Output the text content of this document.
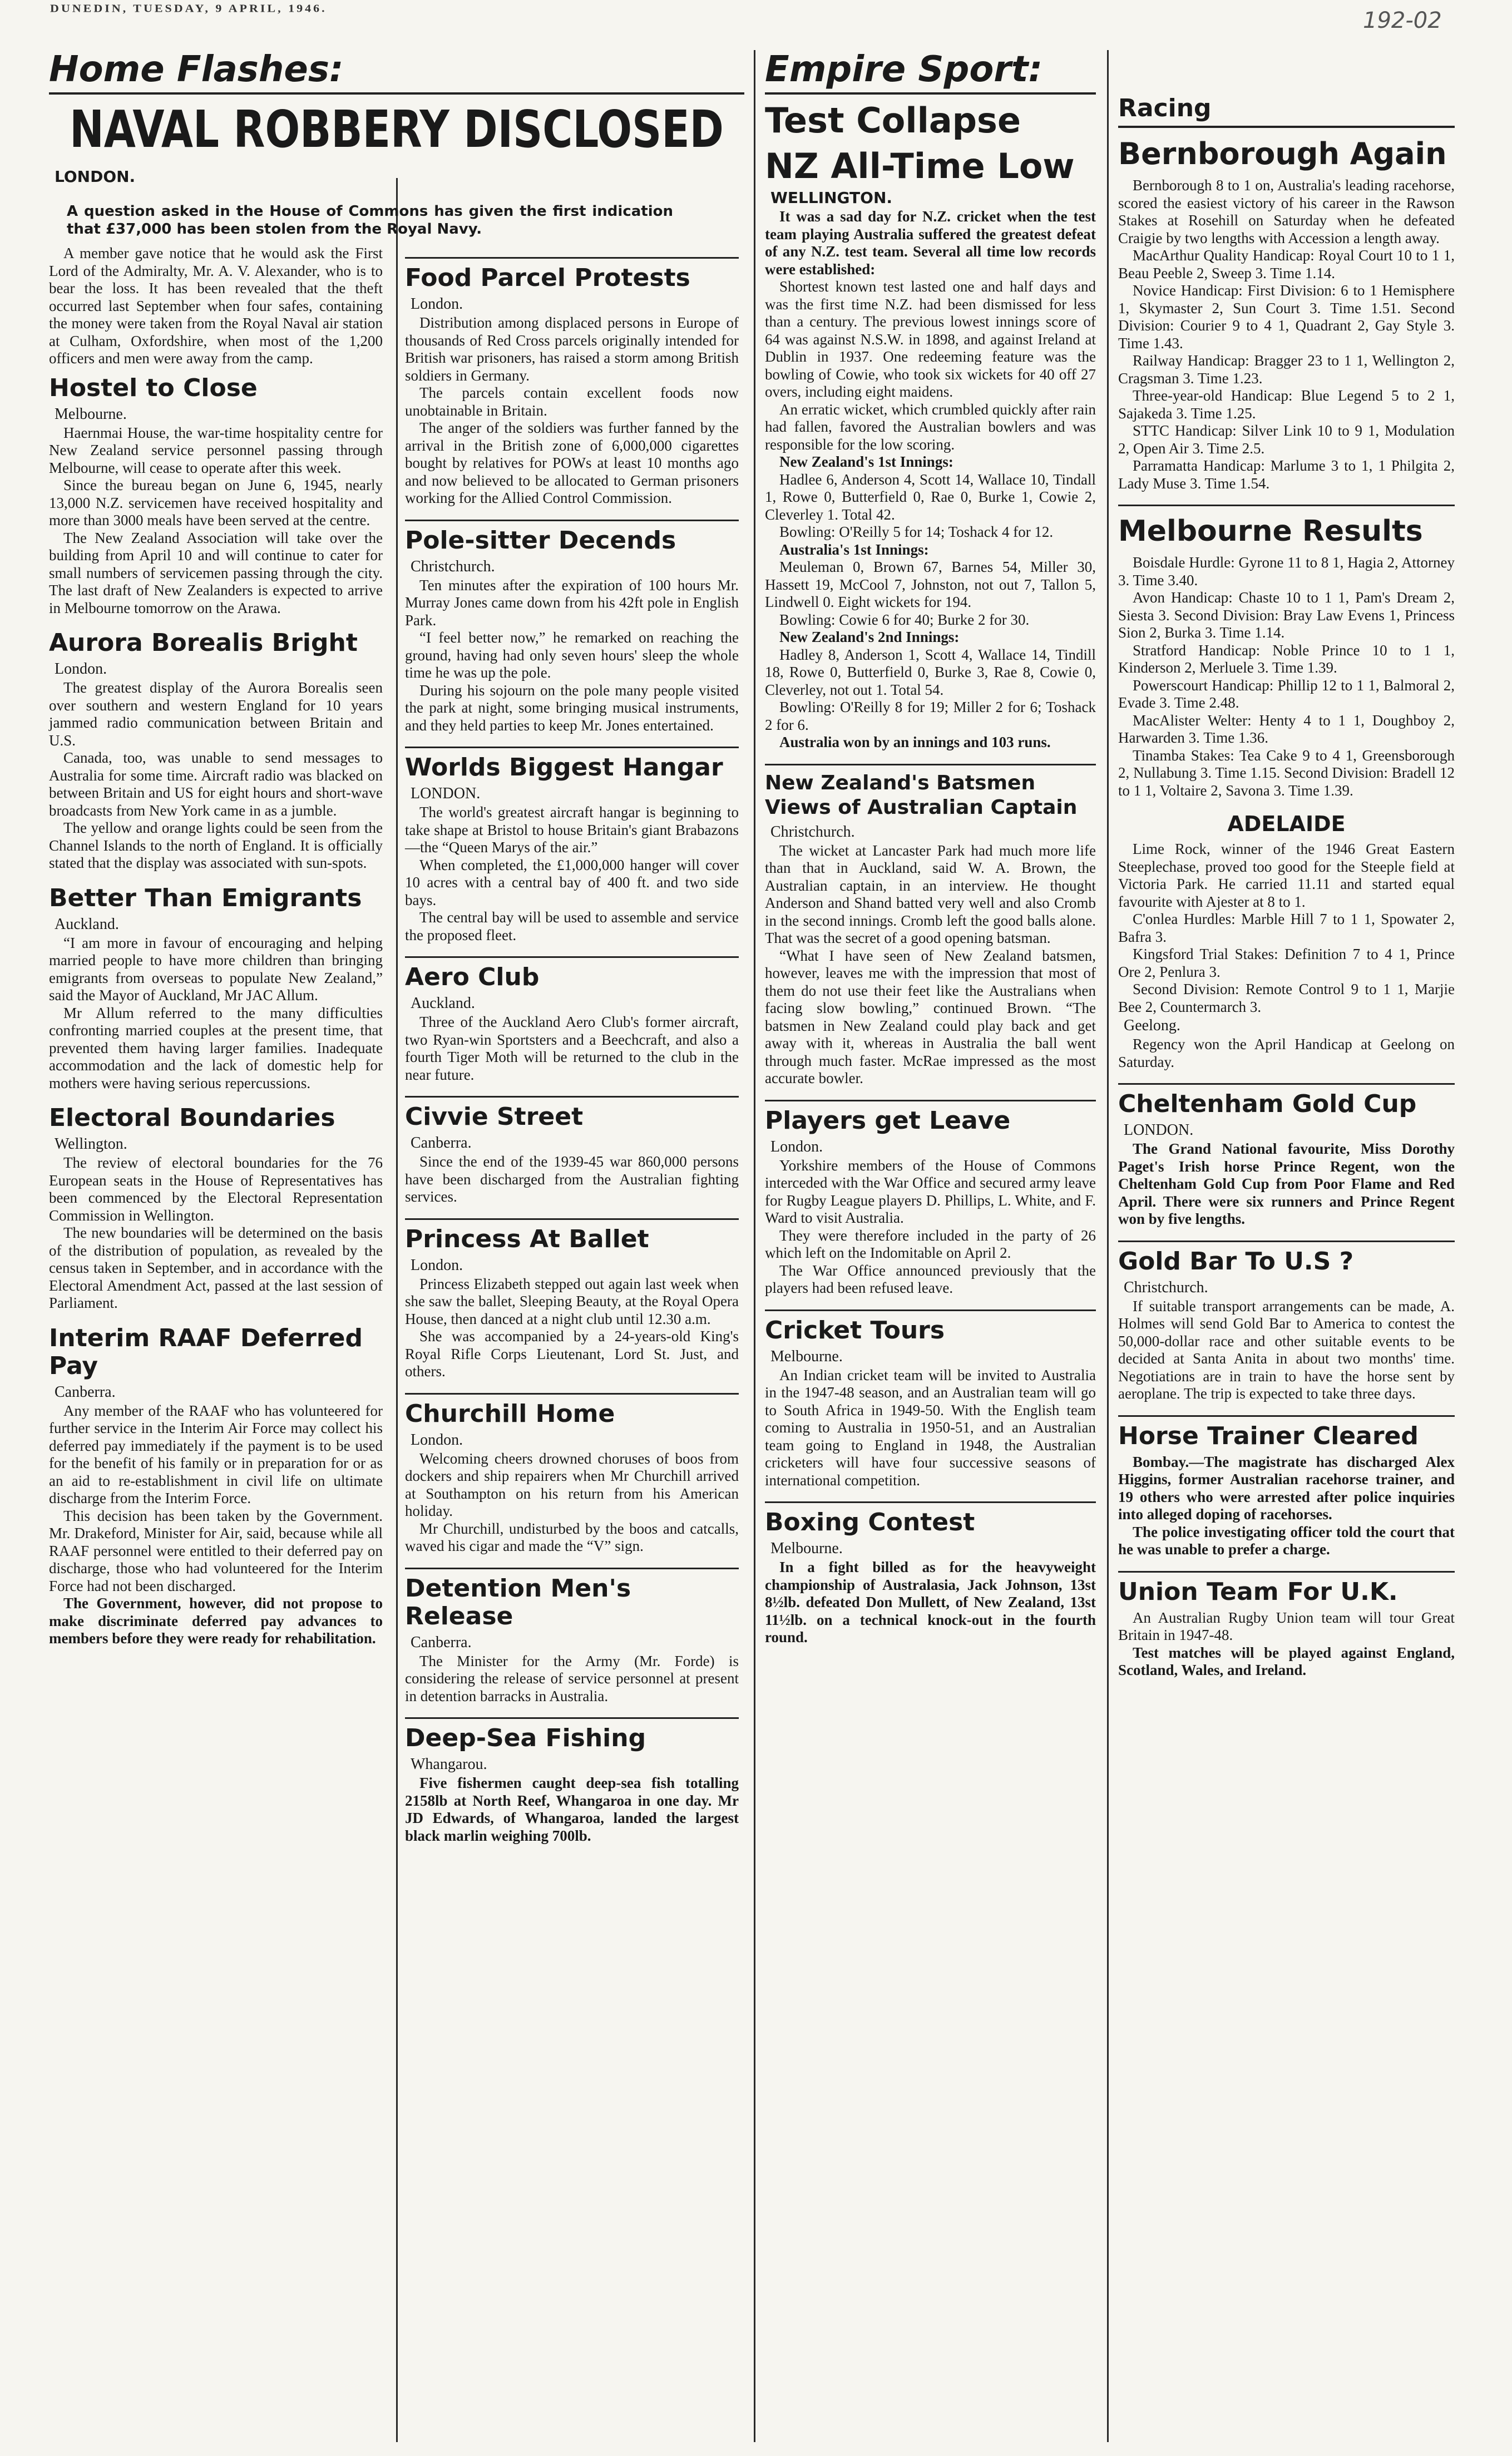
DUNEDIN, TUESDAY, 9 APRIL, 1946.	192-02
Home Flashes:
NAVAL ROBBERY DISCLOSED
LONDON.

A question asked in the House of Commons has given the first indication that £37,000 has been stolen from the Royal Navy.

A member gave notice that he would ask the First Lord of the Admiralty, Mr. A. V. Alexander, who is to bear the loss. It has been revealed that the theft occurred last September when four safes, containing the money were taken from the Royal Naval air station at Culham, Oxfordshire, when most of the 1,200 officers and men were away from the camp.

Hostel to Close
Melbourne.

Haernmai House, the war-time hospitality centre for New Zealand service personnel passing through Melbourne, will cease to operate after this week.

Since the bureau began on June 6, 1945, nearly 13,000 N.Z. servicemen have received hospitality and more than 3000 meals have been served at the centre.

The New Zealand Association will take over the building from April 10 and will continue to cater for small numbers of servicemen passing through the city. The last draft of New Zealanders is expected to arrive in Melbourne tomorrow on the Arawa.

Aurora Borealis Bright
London.

The greatest display of the Aurora Borealis seen over southern and western England for 10 years jammed radio communication between Britain and U.S.

Canada, too, was unable to send messages to Australia for some time. Aircraft radio was blacked on between Britain and US for eight hours and short-wave broadcasts from New York came in as a jumble.

The yellow and orange lights could be seen from the Channel Islands to the north of England. It is officially stated that the display was associated with sun-spots.

Better Than Emigrants
Auckland.

“I am more in favour of encouraging and helping married people to have more children than bringing emigrants from overseas to populate New Zealand,” said the Mayor of Auckland, Mr JAC Allum.

Mr Allum referred to the many difficulties confronting married couples at the present time, that prevented them having larger families. Inadequate accommodation and the lack of domestic help for mothers were having serious repercussions.

Electoral Boundaries
Wellington.

The review of electoral boundaries for the 76 European seats in the House of Representatives has been commenced by the Electoral Representation Commission in Wellington.

The new boundaries will be determined on the basis of the distribution of population, as revealed by the census taken in September, and in accordance with the Electoral Amendment Act, passed at the last session of Parliament.

Interim RAAF Deferred Pay
Canberra.

Any member of the RAAF who has volunteered for further service in the Interim Air Force may collect his deferred pay immediately if the payment is to be used for the benefit of his family or in preparation for or as an aid to re-establishment in civil life on ultimate discharge from the Interim Force.

This decision has been taken by the Government. Mr. Drakeford, Minister for Air, said, because while all RAAF personnel were entitled to their deferred pay on discharge, those who had volunteered for the Interim Force had not been discharged.

The Government, however, did not propose to make discriminate deferred pay advances to members before they were ready for rehabilitation.

Food Parcel Protests
London.

Distribution among displaced persons in Europe of thousands of Red Cross parcels originally intended for British war prisoners, has raised a storm among British soldiers in Germany.

The parcels contain excellent foods now unobtainable in Britain.

The anger of the soldiers was further fanned by the arrival in the British zone of 6,000,000 cigarettes bought by relatives for POWs at least 10 months ago and now believed to be allocated to German prisoners working for the Allied Control Commission.

Pole-sitter Decends
Christchurch.

Ten minutes after the expiration of 100 hours Mr. Murray Jones came down from his 42ft pole in English Park.

“I feel better now,” he remarked on reaching the ground, having had only seven hours' sleep the whole time he was up the pole.

During his sojourn on the pole many people visited the park at night, some bringing musical instruments, and they held parties to keep Mr. Jones entertained.

Worlds Biggest Hangar
LONDON.

The world's greatest aircraft hangar is beginning to take shape at Bristol to house Britain's giant Brabazons—the “Queen Marys of the air.”

When completed, the £1,000,000 hanger will cover 10 acres with a central bay of 400 ft. and two side bays.

The central bay will be used to assemble and service the proposed fleet.

Aero Club
Auckland.

Three of the Auckland Aero Club's former aircraft, two Ryan-win Sportsters and a Beechcraft, and also a fourth Tiger Moth will be returned to the club in the near future.

Civvie Street
Canberra.

Since the end of the 1939-45 war 860,000 persons have been discharged from the Australian fighting services.

Princess At Ballet
London.

Princess Elizabeth stepped out again last week when she saw the ballet, Sleeping Beauty, at the Royal Opera House, then danced at a night club until 12.30 a.m.

She was accompanied by a 24-years-old King's Royal Rifle Corps Lieutenant, Lord St. Just, and others.

Churchill Home
London.

Welcoming cheers drowned choruses of boos from dockers and ship repairers when Mr Churchill arrived at Southampton on his return from his American holiday.

Mr Churchill, undisturbed by the boos and catcalls, waved his cigar and made the “V” sign.

Detention Men's Release
Canberra.

The Minister for the Army (Mr. Forde) is considering the release of service personnel at present in detention barracks in Australia.

Deep-Sea Fishing
Whangarou.

Five fishermen caught deep-sea fish totalling 2158lb at North Reef, Whangaroa in one day. Mr JD Edwards, of Whangaroa, landed the largest black marlin weighing 700lb.

Empire Sport:
Test Collapse
NZ All-Time Low
WELLINGTON.

It was a sad day for N.Z. cricket when the test team playing Australia suffered the greatest defeat of any N.Z. test team. Several all time low records were established:

Shortest known test lasted one and half days and was the first time N.Z. had been dismissed for less than a century. The previous lowest innings score of 64 was against N.S.W. in 1898, and against Ireland at Dublin in 1937. One redeeming feature was the bowling of Cowie, who took six wickets for 40 off 27 overs, including eight maidens.

An erratic wicket, which crumbled quickly after rain had fallen, favored the Australian bowlers and was responsible for the low scoring.

New Zealand's 1st Innings:

Hadlee 6, Anderson 4, Scott 14, Wallace 10, Tindall 1, Rowe 0, Butterfield 0, Rae 0, Burke 1, Cowie 2, Cleverley 1. Total 42.

Bowling: O'Reilly 5 for 14; Toshack 4 for 12.

Australia's 1st Innings:

Meuleman 0, Brown 67, Barnes 54, Miller 30, Hassett 19, McCool 7, Johnston, not out 7, Tallon 5, Lindwell 0. Eight wickets for 194.

Bowling: Cowie 6 for 40; Burke 2 for 30.

New Zealand's 2nd Innings:

Hadley 8, Anderson 1, Scott 4, Wallace 14, Tindill 18, Rowe 0, Butterfield 0, Burke 3, Rae 8, Cowie 0, Cleverley, not out 1. Total 54.

Bowling: O'Reilly 8 for 19; Miller 2 for 6; Toshack 2 for 6.

Australia won by an innings and 103 runs.

New Zealand's Batsmen Views of Australian Captain
Christchurch.

The wicket at Lancaster Park had much more life than that in Auckland, said W. A. Brown, the Australian captain, in an interview. He thought Anderson and Shand batted very well and also Cromb in the second innings. Cromb left the good balls alone. That was the secret of a good opening batsman.

“What I have seen of New Zealand batsmen, however, leaves me with the impression that most of them do not use their feet like the Australians when facing slow bowling,” continued Brown. “The batsmen in New Zealand could play back and get away with it, whereas in Australia the ball went through much faster. McRae impressed as the most accurate bowler.

Players get Leave
London.

Yorkshire members of the House of Commons interceded with the War Office and secured army leave for Rugby League players D. Phillips, L. White, and F. Ward to visit Australia.

They were therefore included in the party of 26 which left on the Indomitable on April 2.

The War Office announced previously that the players had been refused leave.

Cricket Tours
Melbourne.

An Indian cricket team will be invited to Australia in the 1947-48 season, and an Australian team will go to South Africa in 1949-50. With the English team coming to Australia in 1950-51, and an Australian team going to England in 1948, the Australian cricketers will have four successive seasons of international competition.

Boxing Contest
Melbourne.

In a fight billed as for the heavyweight championship of Australasia, Jack Johnson, 13st 8½lb. defeated Don Mullett, of New Zealand, 13st 11½lb. on a technical knock-out in the fourth round.

Racing
Bernborough Again

Bernborough 8 to 1 on, Australia's leading racehorse, scored the easiest victory of his career in the Rawson Stakes at Rosehill on Saturday when he defeated Craigie by two lengths with Accession a length away.

MacArthur Quality Handicap: Royal Court 10 to 1 1, Beau Peeble 2, Sweep 3. Time 1.14.

Novice Handicap: First Division: 6 to 1 Hemisphere 1, Skymaster 2, Sun Court 3. Time 1.51. Second Division: Courier 9 to 4 1, Quadrant 2, Gay Style 3. Time 1.43.

Railway Handicap: Bragger 23 to 1 1, Wellington 2, Cragsman 3. Time 1.23.

Three-year-old Handicap: Blue Legend 5 to 2 1, Sajakeda 3. Time 1.25.

STTC Handicap: Silver Link 10 to 9 1, Modulation 2, Open Air 3. Time 2.5.

Parramatta Handicap: Marlume 3 to 1, 1 Philgita 2, Lady Muse 3. Time 1.54.

Melbourne Results

Boisdale Hurdle: Gyrone 11 to 8 1, Hagia 2, Attorney 3. Time 3.40.

Avon Handicap: Chaste 10 to 1 1, Pam's Dream 2, Siesta 3. Second Division: Bray Law Evens 1, Princess Sion 2, Burka 3. Time 1.14.

Stratford Handicap: Noble Prince 10 to 1 1, Kinderson 2, Merluele 3. Time 1.39.

Powerscourt Handicap: Phillip 12 to 1 1, Balmoral 2, Evade 3. Time 2.48.

MacAlister Welter: Henty 4 to 1 1, Doughboy 2, Harwarden 3. Time 1.36.

Tinamba Stakes: Tea Cake 9 to 4 1, Greensborough 2, Nullabung 3. Time 1.15. Second Division: Bradell 12 to 1 1, Voltaire 2, Savona 3. Time 1.39.

ADELAIDE

Lime Rock, winner of the 1946 Great Eastern Steeplechase, proved too good for the Steeple field at Victoria Park. He carried 11.11 and started equal favourite with Ajester at 8 to 1.

C'onlea Hurdles: Marble Hill 7 to 1 1, Spowater 2, Bafra 3.

Kingsford Trial Stakes: Definition 7 to 4 1, Prince Ore 2, Penlura 3.

Second Division: Remote Control 9 to 1 1, Marjie Bee 2, Countermarch 3.

Geelong.

Regency won the April Handicap at Geelong on Saturday.

Cheltenham Gold Cup
LONDON.

The Grand National favourite, Miss Dorothy Paget's Irish horse Prince Regent, won the Cheltenham Gold Cup from Poor Flame and Red April. There were six runners and Prince Regent won by five lengths.

Gold Bar To U.S ?
Christchurch.

If suitable transport arrangements can be made, A. Holmes will send Gold Bar to America to contest the 50,000-dollar race and other suitable events to be decided at Santa Anita in about two months' time. Negotiations are in train to have the horse sent by aeroplane. The trip is expected to take three days.

Horse Trainer Cleared

Bombay.—The magistrate has discharged Alex Higgins, former Australian racehorse trainer, and 19 others who were arrested after police inquiries into alleged doping of racehorses.

The police investigating officer told the court that he was unable to prefer a charge.

Union Team For U.K.

An Australian Rugby Union team will tour Great Britain in 1947-48.

Test matches will be played against England, Scotland, Wales, and Ireland.
